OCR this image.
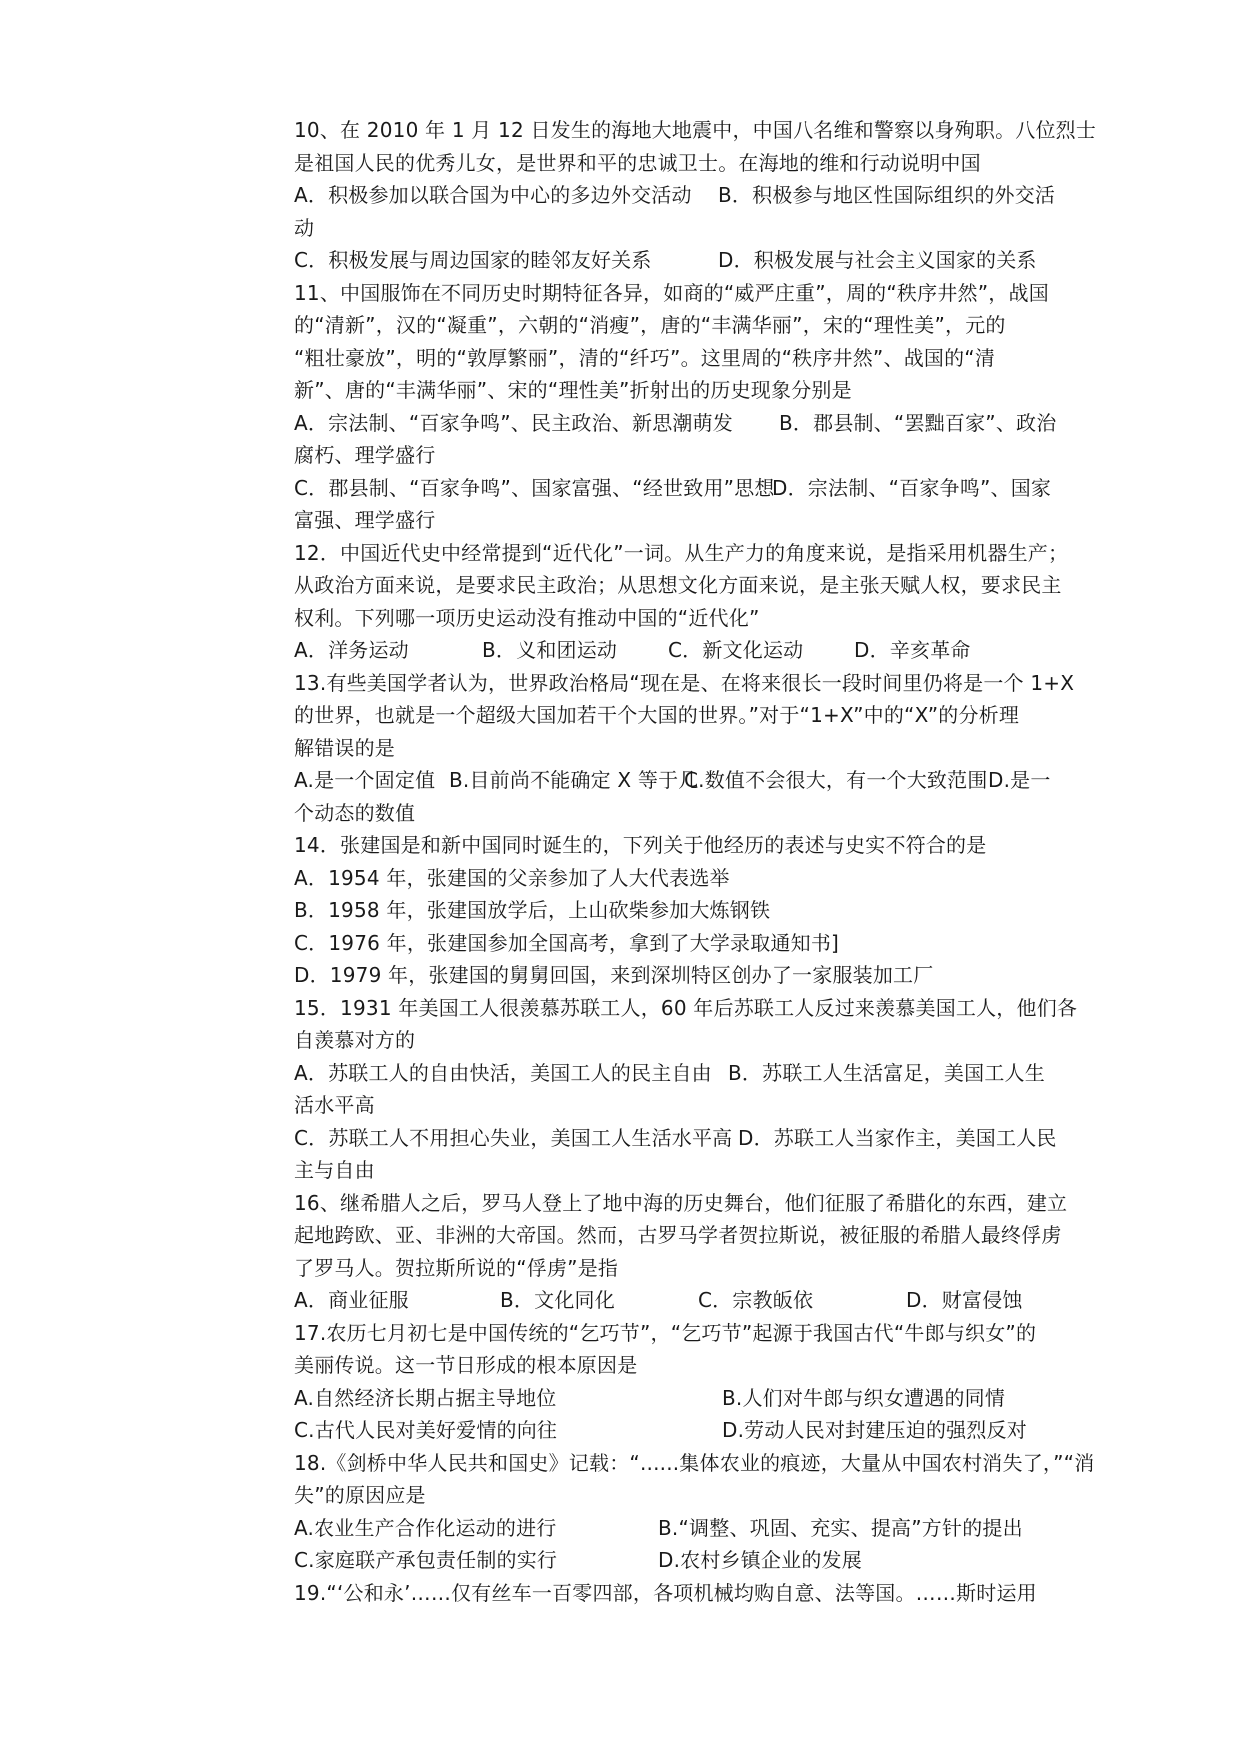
10、在 2010 年 1 月 12 日发生的海地大地震中，中国八名维和警察以身殉职。八位烈士
是祖国人民的优秀儿女，是世界和平的忠诚卫士。在海地的维和行动说明中国
A．积极参加以联合国为中心的多边外交活动 B．积极参与地区性国际组织的外交活
动
C．积极发展与周边国家的睦邻友好关系	D．积极发展与社会主义国家的关系
11、中国服饰在不同历史时期特征各异，如商的“威严庄重”，周的“秩序井然”，战国
的“清新”，汉的“凝重”，六朝的“消瘦”，唐的“丰满华丽”，宋的“理性美”，元的
“粗壮豪放”，明的“敦厚繁丽”，清的“纤巧”。这里周的“秩序井然”、战国的“清
新”、唐的“丰满华丽”、宋的“理性美”折射出的历史现象分别是
A．宗法制、“百家争鸣”、民主政治、新思潮萌发 B．郡县制、“罢黜百家”、政治
腐朽、理学盛行
C．郡县制、“百家争鸣”、国家富强、“经世致用”思想
D．宗法制、“百家争鸣”、国家
富强、理学盛行
12．中国近代史中经常提到“近代化”一词。从生产力的角度来说，是指采用机器生产；
从政治方面来说，是要求民主政治；从思想文化方面来说，是主张天赋人权，要求民主
权利。下列哪一项历史运动没有推动中国的“近代化”
A．洋务运动	B．义和团运动	C．新文化运动	D．辛亥革命
13.有些美国学者认为，世界政治格局“现在是、在将来很长一段时间里仍将是一个 1+X
的世界，也就是一个超级大国加若干个大国的世界。”对于“1+X”中的“X”的分析理
解错误的是
A.是一个固定值 B.目前尚不能确定 X 等于几
C.数值不会很大，有一个大致范围 D.是一
个动态的数值
14．张建国是和新中国同时诞生的，下列关于他经历的表述与史实不符合的是
A．1954 年，张建国的父亲参加了人大代表选举
B．1958 年，张建国放学后，上山砍柴参加大炼钢铁
C．1976 年，张建国参加全国高考，拿到了大学录取通知书]
D．1979 年，张建国的舅舅回国，来到深圳特区创办了一家服装加工厂
15．1931 年美国工人很羡慕苏联工人，60 年后苏联工人反过来羡慕美国工人，他们各
自羡慕对方的
A．苏联工人的自由快活，美国工人的民主自由 B．苏联工人生活富足，美国工人生
活水平高
C．苏联工人不用担心失业，美国工人生活水平高 D．苏联工人当家作主，美国工人民
主与自由
16、继希腊人之后，罗马人登上了地中海的历史舞台，他们征服了希腊化的东西，建立
起地跨欧、亚、非洲的大帝国。然而，古罗马学者贺拉斯说，被征服的希腊人最终俘虏
了罗马人。贺拉斯所说的“俘虏”是指
A．商业征服	B．文化同化	C．宗教皈依	D．财富侵蚀
17.农历七月初七是中国传统的“乞巧节”，“乞巧节”起源于我国古代“牛郎与织女”的
美丽传说。这一节日形成的根本原因是
A.自然经济长期占据主导地位	B.人们对牛郎与织女遭遇的同情
C.古代人民对美好爱情的向往	D.劳动人民对封建压迫的强烈反对
18.《剑桥中华人民共和国史》记载：“......集体农业的痕迹，大量从中国农村消失了，”“消
失”的原因应是
A.农业生产合作化运动的进行	B.“调整、巩固、充实、提高”方针的提出
C.家庭联产承包责任制的实行	D.农村乡镇企业的发展
19.“‘公和永’……仅有丝车一百零四部，各项机械均购自意、法等国。……斯时运用
